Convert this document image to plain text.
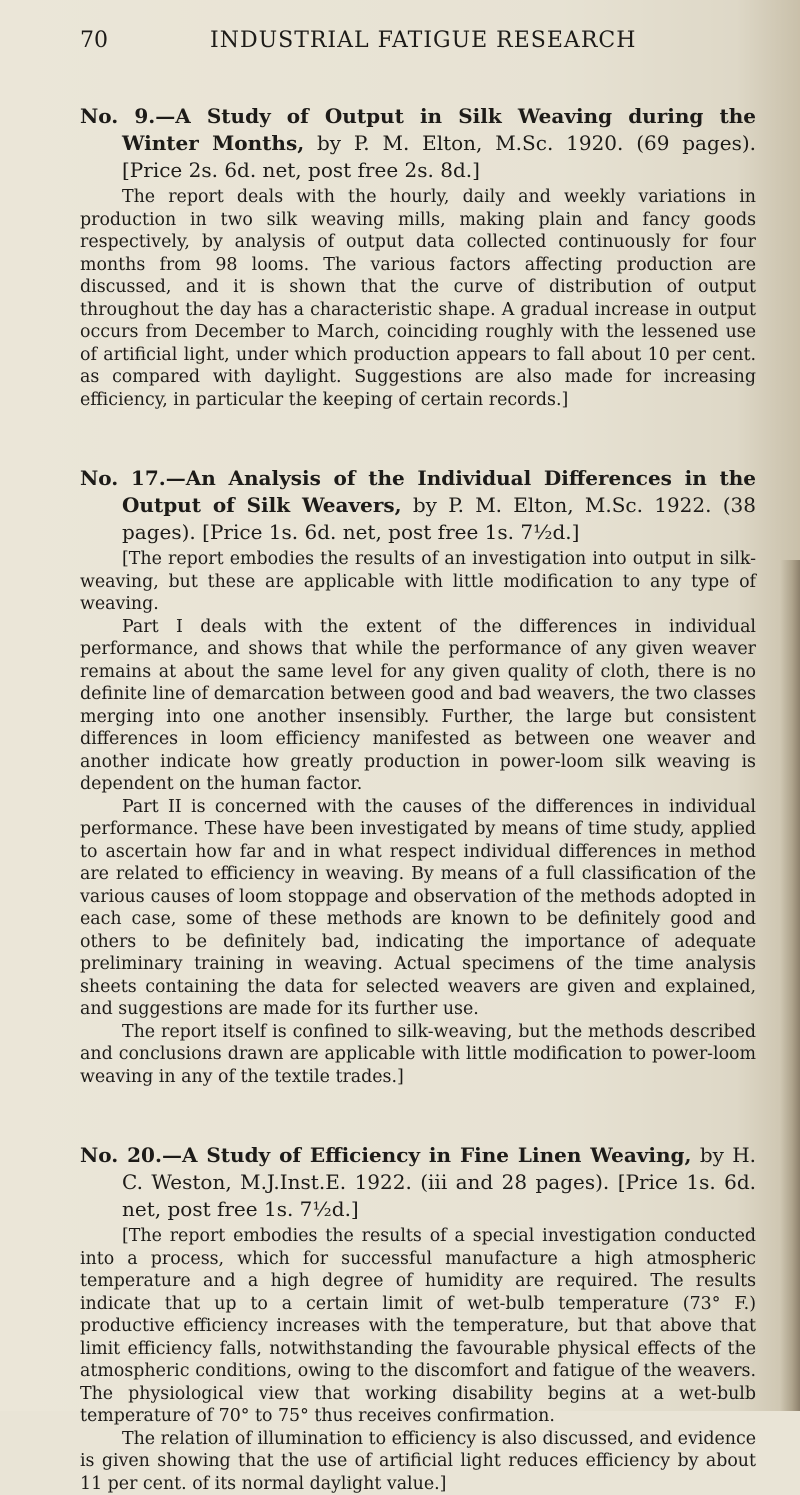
70	INDUSTRIAL FATIGUE RESEARCH

No. 9.—A Study of Output in Silk Weaving during the Winter Months, by P. M. Elton, M.Sc. 1920. (69 pages). [Price 2s. 6d. net, post free 2s. 8d.]

The report deals with the hourly, daily and weekly variations in production in two silk weaving mills, making plain and fancy goods respectively, by analysis of output data collected continuously for four months from 98 looms. The various factors affecting production are discussed, and it is shown that the curve of distribution of output throughout the day has a characteristic shape. A gradual increase in output occurs from December to March, coinciding roughly with the lessened use of artificial light, under which production appears to fall about 10 per cent. as compared with daylight. Suggestions are also made for increasing efficiency, in particular the keeping of certain records.]

No. 17.—An Analysis of the Individual Differences in the Output of Silk Weavers, by P. M. Elton, M.Sc. 1922. (38 pages). [Price 1s. 6d. net, post free 1s. 7½d.]

[The report embodies the results of an investigation into output in silk-weaving, but these are applicable with little modification to any type of weaving.

Part I deals with the extent of the differences in individual performance, and shows that while the performance of any given weaver remains at about the same level for any given quality of cloth, there is no definite line of demarcation between good and bad weavers, the two classes merging into one another insensibly. Further, the large but consistent differences in loom efficiency manifested as between one weaver and another indicate how greatly production in power-loom silk weaving is dependent on the human factor.

Part II is concerned with the causes of the differences in individual performance. These have been investigated by means of time study, applied to ascertain how far and in what respect individual differences in method are related to efficiency in weaving. By means of a full classification of the various causes of loom stoppage and observation of the methods adopted in each case, some of these methods are known to be definitely good and others to be definitely bad, indicating the importance of adequate preliminary training in weaving. Actual specimens of the time analysis sheets containing the data for selected weavers are given and explained, and suggestions are made for its further use.

The report itself is confined to silk-weaving, but the methods described and conclusions drawn are applicable with little modification to power-loom weaving in any of the textile trades.]

No. 20.—A Study of Efficiency in Fine Linen Weaving, by H. C. Weston, M.J.Inst.E. 1922. (iii and 28 pages). [Price 1s. 6d. net, post free 1s. 7½d.]

[The report embodies the results of a special investigation conducted into a process, which for successful manufacture a high atmospheric temperature and a high degree of humidity are required. The results indicate that up to a certain limit of wet-bulb temperature (73° F.) productive efficiency increases with the temperature, but that above that limit efficiency falls, notwithstanding the favourable physical effects of the atmospheric conditions, owing to the discomfort and fatigue of the weavers. The physiological view that working disability begins at a wet-bulb temperature of 70° to 75° thus receives confirmation.

The relation of illumination to efficiency is also discussed, and evidence is given showing that the use of artificial light reduces efficiency by about 11 per cent. of its normal daylight value.]
